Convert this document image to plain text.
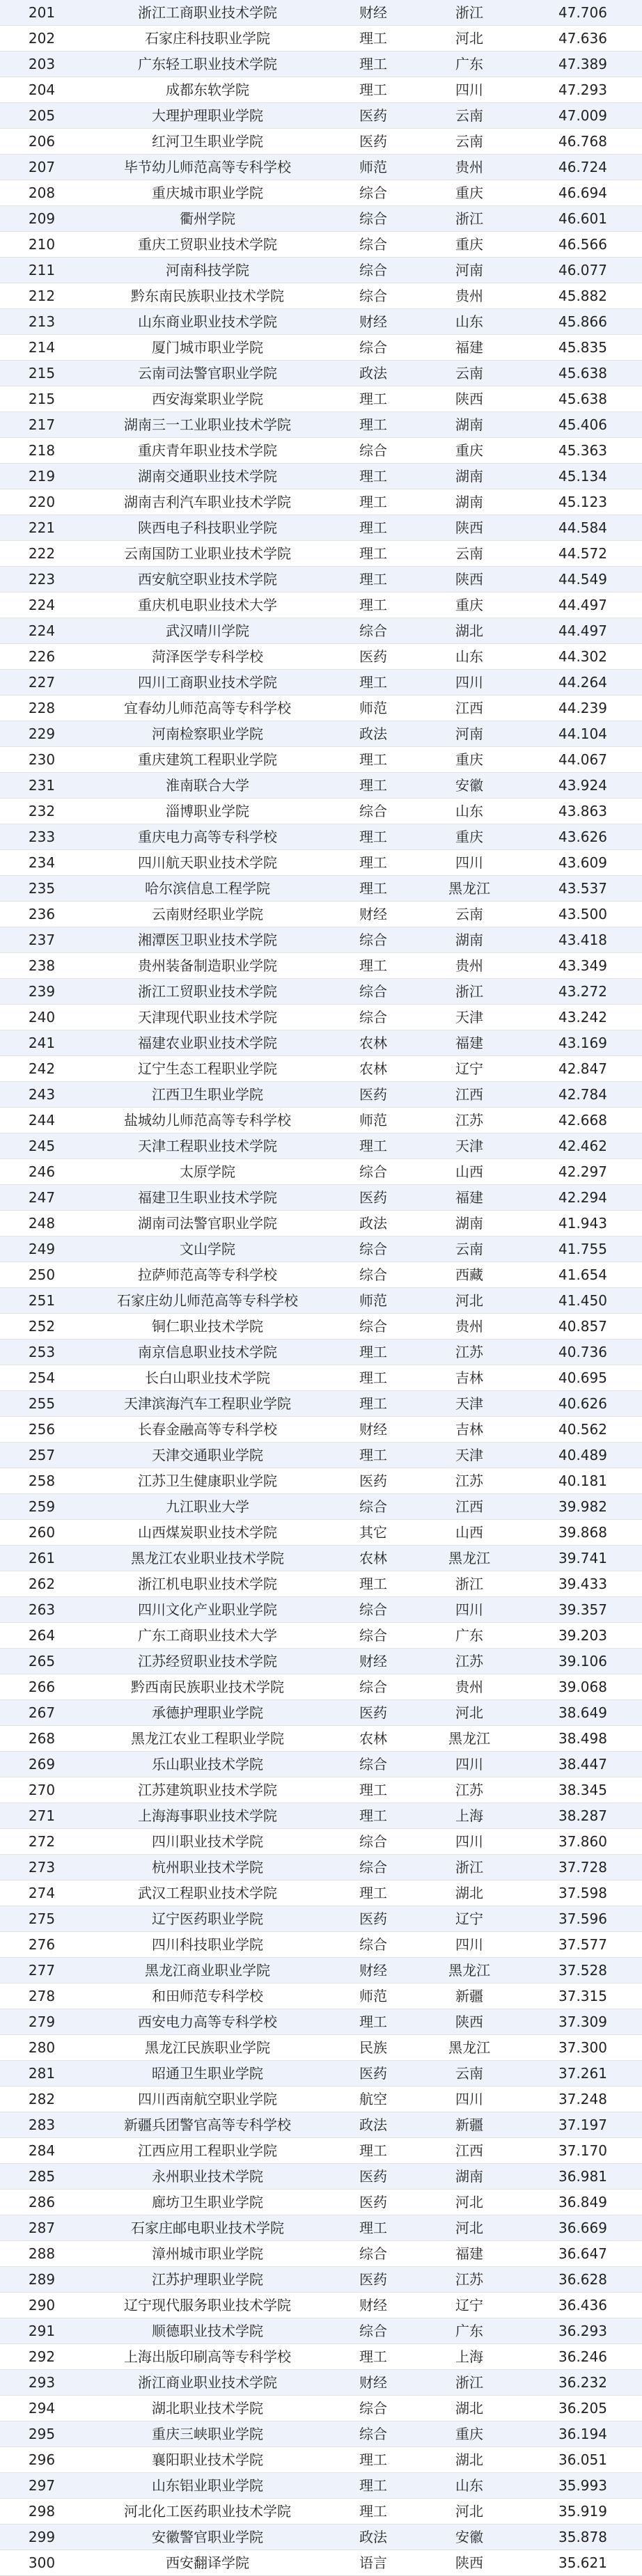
201	浙江工商职业技术学院	财经	浙江	47.706
202	石家庄科技职业学院	理工	河北	47.636
203	广东轻工职业技术学院	理工	广东	47.389
204	成都东软学院	理工	四川	47.293
205	大理护理职业学院	医药	云南	47.009
206	红河卫生职业学院	医药	云南	46.768
207	毕节幼儿师范高等专科学校	师范	贵州	46.724
208	重庆城市职业学院	综合	重庆	46.694
209	衢州学院	综合	浙江	46.601
210	重庆工贸职业技术学院	综合	重庆	46.566
211	河南科技学院	综合	河南	46.077
212	黔东南民族职业技术学院	综合	贵州	45.882
213	山东商业职业技术学院	财经	山东	45.866
214	厦门城市职业学院	综合	福建	45.835
215	云南司法警官职业学院	政法	云南	45.638
215	西安海棠职业学院	理工	陕西	45.638
217	湖南三一工业职业技术学院	理工	湖南	45.406
218	重庆青年职业技术学院	综合	重庆	45.363
219	湖南交通职业技术学院	理工	湖南	45.134
220	湖南吉利汽车职业技术学院	理工	湖南	45.123
221	陕西电子科技职业学院	理工	陕西	44.584
222	云南国防工业职业技术学院	理工	云南	44.572
223	西安航空职业技术学院	理工	陕西	44.549
224	重庆机电职业技术大学	理工	重庆	44.497
224	武汉晴川学院	综合	湖北	44.497
226	菏泽医学专科学校	医药	山东	44.302
227	四川工商职业技术学院	理工	四川	44.264
228	宜春幼儿师范高等专科学校	师范	江西	44.239
229	河南检察职业学院	政法	河南	44.104
230	重庆建筑工程职业学院	理工	重庆	44.067
231	淮南联合大学	理工	安徽	43.924
232	淄博职业学院	综合	山东	43.863
233	重庆电力高等专科学校	理工	重庆	43.626
234	四川航天职业技术学院	理工	四川	43.609
235	哈尔滨信息工程学院	理工	黑龙江	43.537
236	云南财经职业学院	财经	云南	43.500
237	湘潭医卫职业技术学院	综合	湖南	43.418
238	贵州装备制造职业学院	理工	贵州	43.349
239	浙江工贸职业技术学院	综合	浙江	43.272
240	天津现代职业技术学院	综合	天津	43.242
241	福建农业职业技术学院	农林	福建	43.169
242	辽宁生态工程职业学院	农林	辽宁	42.847
243	江西卫生职业学院	医药	江西	42.784
244	盐城幼儿师范高等专科学校	师范	江苏	42.668
245	天津工程职业技术学院	理工	天津	42.462
246	太原学院	综合	山西	42.297
247	福建卫生职业技术学院	医药	福建	42.294
248	湖南司法警官职业学院	政法	湖南	41.943
249	文山学院	综合	云南	41.755
250	拉萨师范高等专科学校	综合	西藏	41.654
251	石家庄幼儿师范高等专科学校	师范	河北	41.450
252	铜仁职业技术学院	综合	贵州	40.857
253	南京信息职业技术学院	理工	江苏	40.736
254	长白山职业技术学院	理工	吉林	40.695
255	天津滨海汽车工程职业学院	理工	天津	40.626
256	长春金融高等专科学校	财经	吉林	40.562
257	天津交通职业学院	理工	天津	40.489
258	江苏卫生健康职业学院	医药	江苏	40.181
259	九江职业大学	综合	江西	39.982
260	山西煤炭职业技术学院	其它	山西	39.868
261	黑龙江农业职业技术学院	农林	黑龙江	39.741
262	浙江机电职业技术学院	理工	浙江	39.433
263	四川文化产业职业学院	综合	四川	39.357
264	广东工商职业技术大学	综合	广东	39.203
265	江苏经贸职业技术学院	财经	江苏	39.106
266	黔西南民族职业技术学院	综合	贵州	39.068
267	承德护理职业学院	医药	河北	38.649
268	黑龙江农业工程职业学院	农林	黑龙江	38.498
269	乐山职业技术学院	综合	四川	38.447
270	江苏建筑职业技术学院	理工	江苏	38.345
271	上海海事职业技术学院	理工	上海	38.287
272	四川职业技术学院	综合	四川	37.860
273	杭州职业技术学院	综合	浙江	37.728
274	武汉工程职业技术学院	理工	湖北	37.598
275	辽宁医药职业学院	医药	辽宁	37.596
276	四川科技职业学院	综合	四川	37.577
277	黑龙江商业职业学院	财经	黑龙江	37.528
278	和田师范专科学校	师范	新疆	37.315
279	西安电力高等专科学校	理工	陕西	37.309
280	黑龙江民族职业学院	民族	黑龙江	37.300
281	昭通卫生职业学院	医药	云南	37.261
282	四川西南航空职业学院	航空	四川	37.248
283	新疆兵团警官高等专科学校	政法	新疆	37.197
284	江西应用工程职业学院	理工	江西	37.170
285	永州职业技术学院	医药	湖南	36.981
286	廊坊卫生职业学院	医药	河北	36.849
287	石家庄邮电职业技术学院	理工	河北	36.669
288	漳州城市职业学院	综合	福建	36.647
289	江苏护理职业学院	医药	江苏	36.628
290	辽宁现代服务职业技术学院	财经	辽宁	36.436
291	顺德职业技术学院	综合	广东	36.293
292	上海出版印刷高等专科学校	理工	上海	36.246
293	浙江商业职业技术学院	财经	浙江	36.232
294	湖北职业技术学院	综合	湖北	36.205
295	重庆三峡职业学院	综合	重庆	36.194
296	襄阳职业技术学院	理工	湖北	36.051
297	山东铝业职业学院	理工	山东	35.993
298	河北化工医药职业技术学院	理工	河北	35.919
299	安徽警官职业学院	政法	安徽	35.878
300	西安翻译学院	语言	陕西	35.621
